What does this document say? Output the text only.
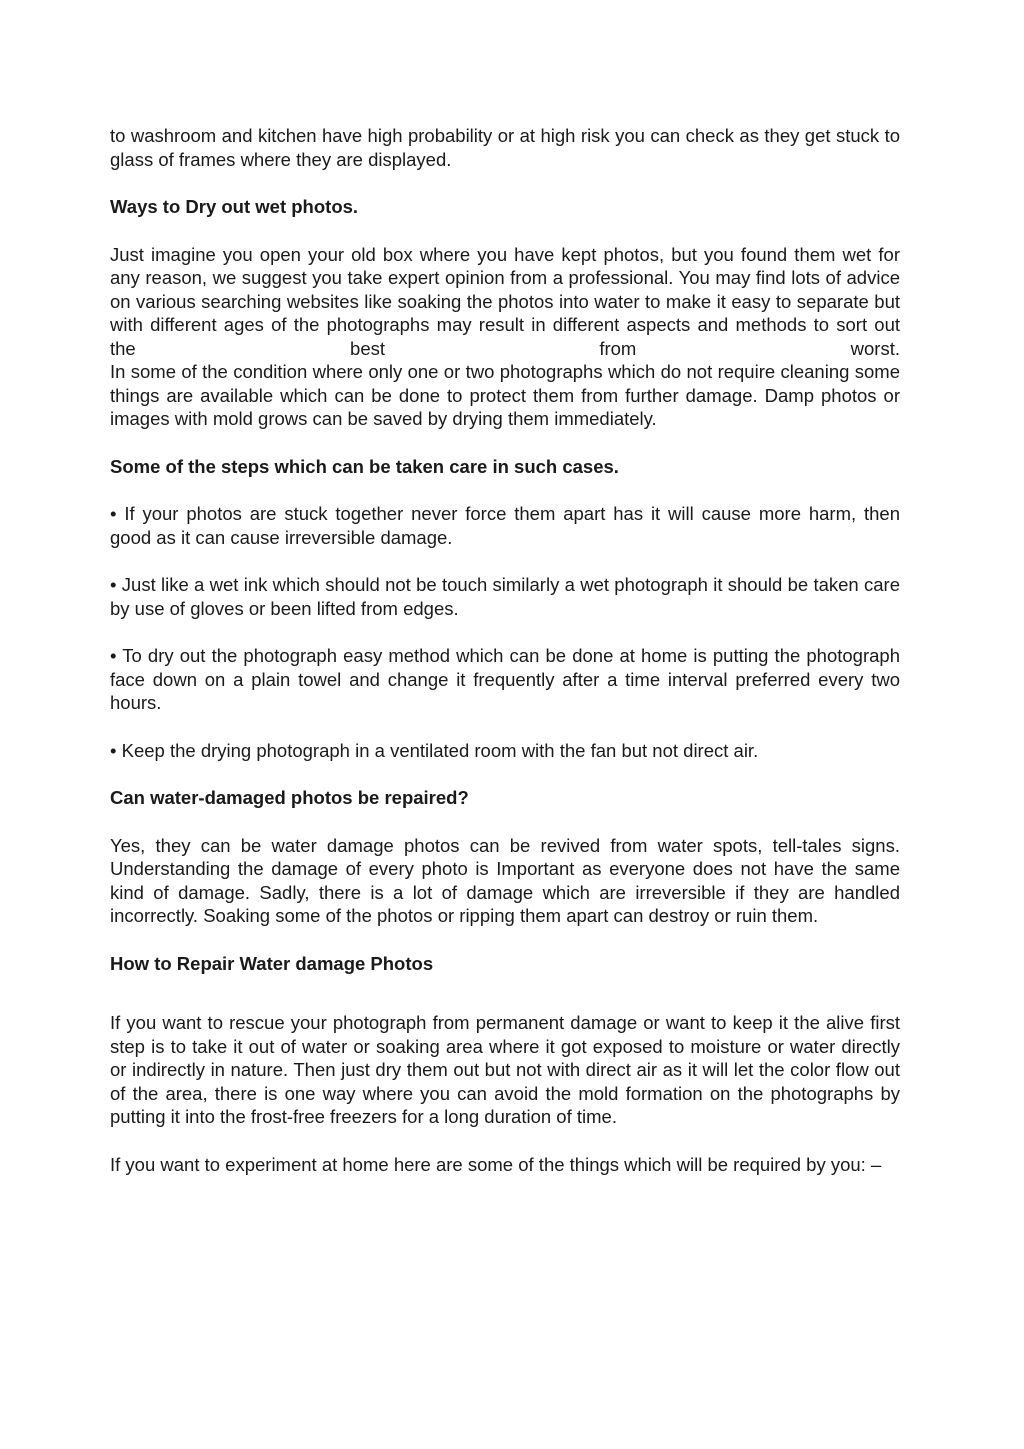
to washroom and kitchen have high probability or at high risk you can check as they get stuck to glass of frames where they are displayed.

Ways to Dry out wet photos.

Just imagine you open your old box where you have kept photos, but you found them wet for any reason, we suggest you take expert opinion from a professional. You may find lots of advice on various searching websites like soaking the photos into water to make it easy to separate but with different ages of the photographs may result in different aspects and methods to sort out the best from worst.

In some of the condition where only one or two photographs which do not require cleaning some things are available which can be done to protect them from further damage. Damp photos or images with mold grows can be saved by drying them immediately.

Some of the steps which can be taken care in such cases.

• If your photos are stuck together never force them apart has it will cause more harm, then good as it can cause irreversible damage.

• Just like a wet ink which should not be touch similarly a wet photograph it should be taken care by use of gloves or been lifted from edges.

• To dry out the photograph easy method which can be done at home is putting the photograph face down on a plain towel and change it frequently after a time interval preferred every two hours.

• Keep the drying photograph in a ventilated room with the fan but not direct air.

Can water-damaged photos be repaired?

Yes, they can be water damage photos can be revived from water spots, tell-tales signs. Understanding the damage of every photo is Important as everyone does not have the same kind of damage. Sadly, there is a lot of damage which are irreversible if they are handled incorrectly. Soaking some of the photos or ripping them apart can destroy or ruin them.

How to Repair Water damage Photos

If you want to rescue your photograph from permanent damage or want to keep it the alive first step is to take it out of water or soaking area where it got exposed to moisture or water directly or indirectly in nature. Then just dry them out but not with direct air as it will let the color flow out of the area, there is one way where you can avoid the mold formation on the photographs by putting it into the frost-free freezers for a long duration of time.

If you want to experiment at home here are some of the things which will be required by you: –
